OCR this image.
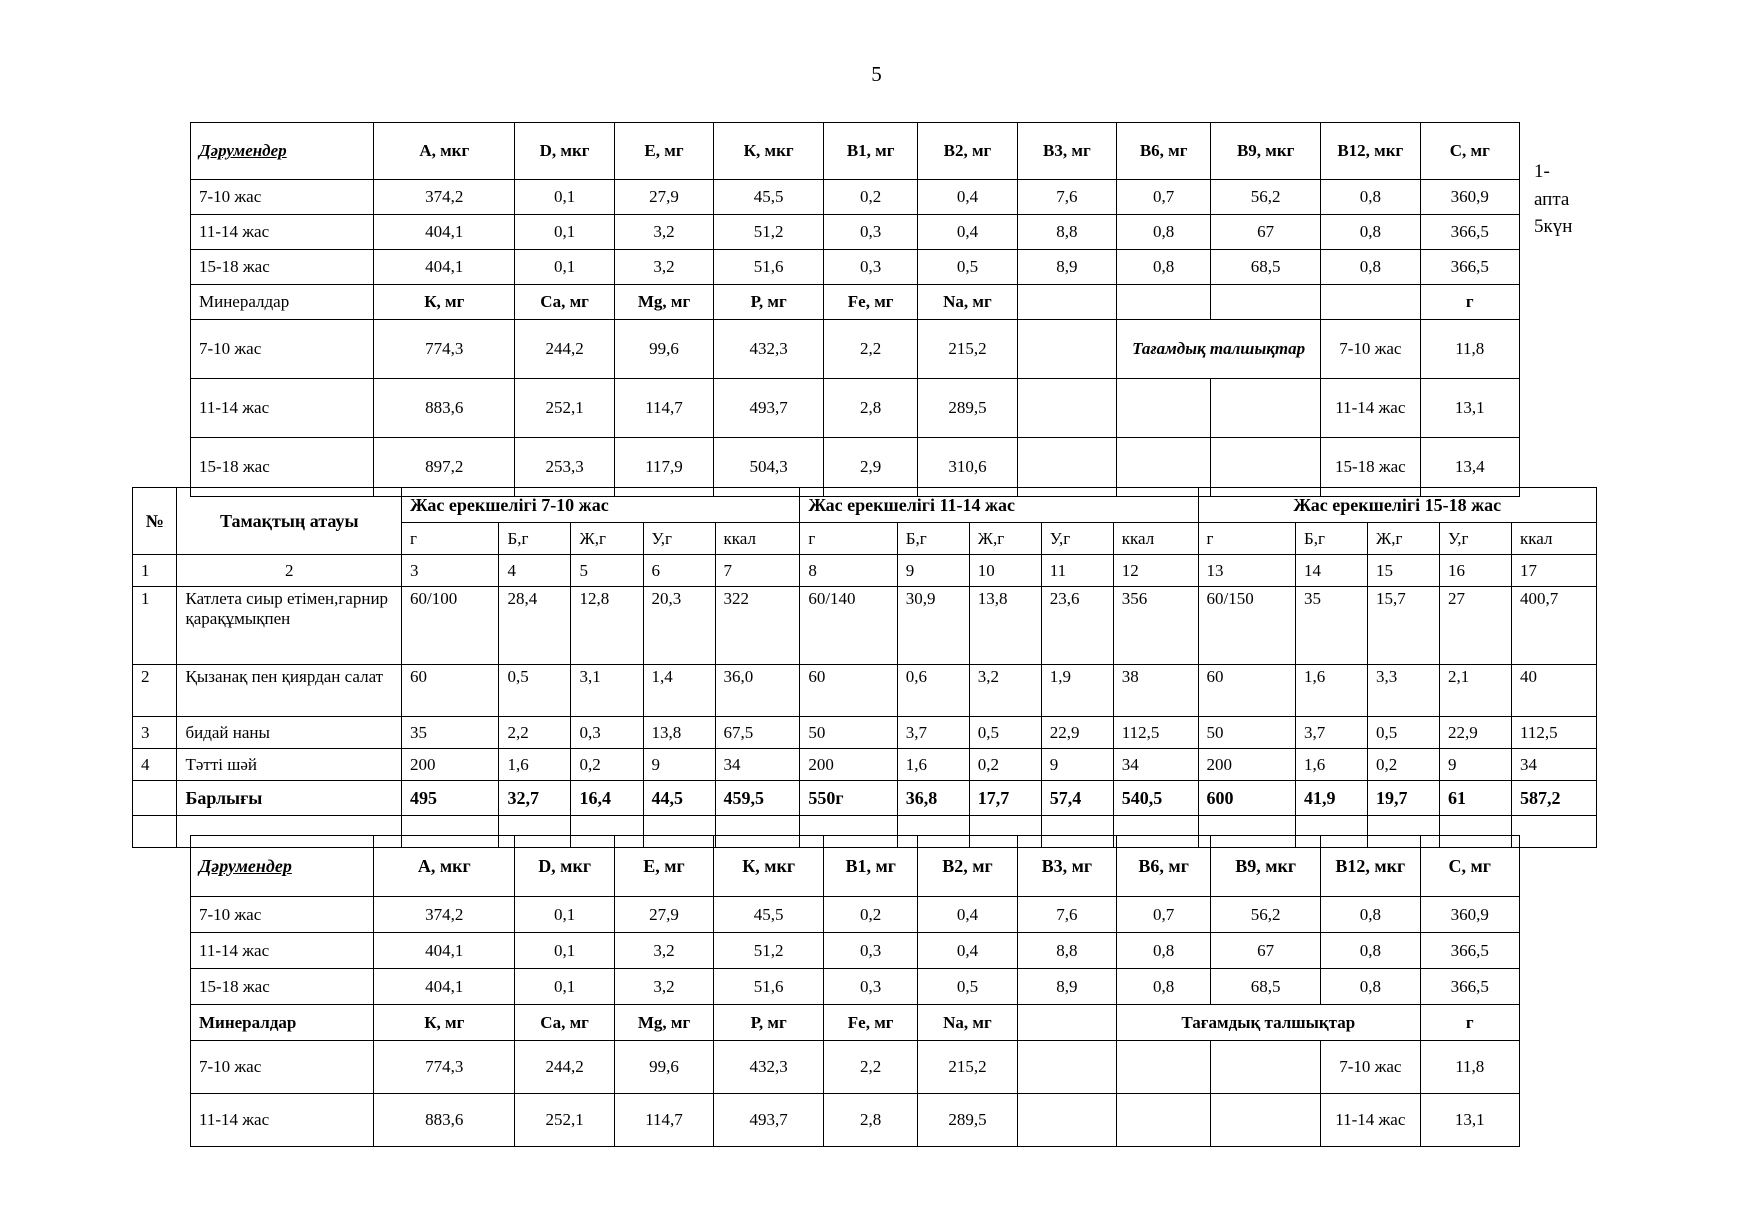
5
Дәрумендер	А, мкг	D, мкг	Е, мг	К, мкг	В1, мг	В2, мг	В3, мг	В6, мг	В9, мкг	В12, мкг	С, мг
7-10 жас	374,2	0,1	27,9	45,5	0,2	0,4	7,6	0,7	56,2	0,8	360,9
11-14 жас	404,1	0,1	3,2	51,2	0,3	0,4	8,8	0,8	67	0,8	366,5
15-18 жас	404,1	0,1	3,2	51,6	0,3	0,5	8,9	0,8	68,5	0,8	366,5
Минералдар	К, мг	Са, мг	Mg, мг	Р, мг	Fe, мг	Na, мг					г
7-10 жас	774,3	244,2	99,6	432,3	2,2	215,2		Тағамдық талшықтар		7-10 жас	11,8
11-14 жас	883,6	252,1	114,7	493,7	2,8	289,5				11-14 жас	13,1
15-18 жас	897,2	253,3	117,9	504,3	2,9	310,6				15-18 жас	13,4
1-
апта
5күн
№	Тамақтың атауы	Жас ерекшелігі 7-10 жас					Жас ерекшелігі 11-14 жас					Жас ерекшелігі 15-18 жас				
		г	Б,г	Ж,г	У,г	ккал	г	Б,г	Ж,г	У,г	ккал	г	Б,г	Ж,г	У,г	ккал
1	2	3	4	5	6	7	8	9	10	11	12	13	14	15	16	17
1	Катлета сиыр етімен,гарнир қарақұмықпен	60/100	28,4	12,8	20,3	322	60/140	30,9	13,8	23,6	356	60/150	35	15,7	27	400,7
2	Қызанақ пен қиярдан салат	60	0,5	3,1	1,4	36,0	60	0,6	3,2	1,9	38	60	1,6	3,3	2,1	40
3	бидай наны	35	2,2	0,3	13,8	67,5	50	3,7	0,5	22,9	112,5	50	3,7	0,5	22,9	112,5
4	Тәтті шәй	200	1,6	0,2	9	34	200	1,6	0,2	9	34	200	1,6	0,2	9	34
	Барлығы	495	32,7	16,4	44,5	459,5	550г	36,8	17,7	57,4	540,5	600	41,9	19,7	61	587,2

Дәрумендер	А, мкг	D, мкг	Е, мг	К, мкг	В1, мг	В2, мг	В3, мг	В6, мг	В9, мкг	В12, мкг	С, мг
7-10 жас	374,2	0,1	27,9	45,5	0,2	0,4	7,6	0,7	56,2	0,8	360,9
11-14 жас	404,1	0,1	3,2	51,2	0,3	0,4	8,8	0,8	67	0,8	366,5
15-18 жас	404,1	0,1	3,2	51,6	0,3	0,5	8,9	0,8	68,5	0,8	366,5
Минералдар	К, мг	Са, мг	Mg, мг	Р, мг	Fe, мг	Na, мг		Тағамдық талшықтар			г
7-10 жас	774,3	244,2	99,6	432,3	2,2	215,2				7-10 жас	11,8
11-14 жас	883,6	252,1	114,7	493,7	2,8	289,5				11-14 жас	13,1
